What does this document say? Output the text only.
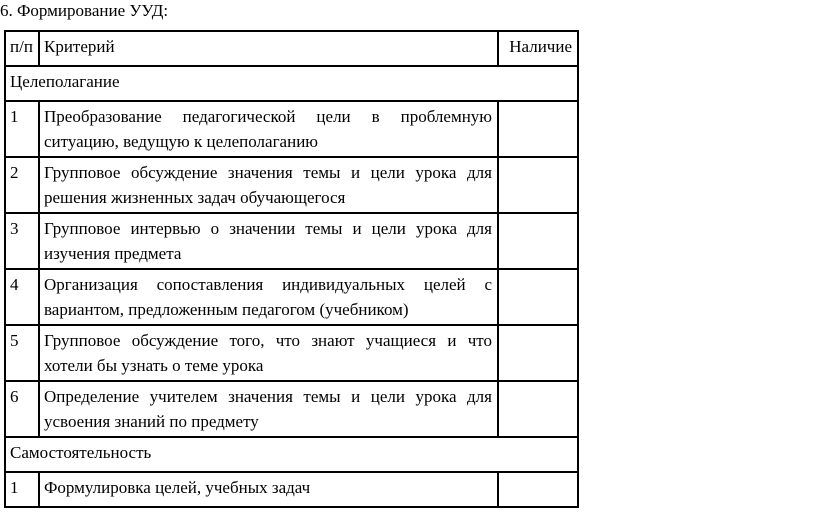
6. Формирование УУД:
п/п	Критерий	Наличие
Целеполагание		
1	Преобразование педагогической цели в проблемную ситуацию, ведущую к целеполаганию	
2	Групповое обсуждение значения темы и цели урока для решения жизненных задач обучающегося	
3	Групповое интервью о значении темы и цели урока для изучения предмета	
4	Организация сопоставления индивидуальных целей с вариантом, предложенным педагогом (учебником)	
5	Групповое обсуждение того, что знают учащиеся и что хотели бы узнать о теме урока	
6	Определение учителем значения темы и цели урока для усвоения знаний по предмету	
Самостоятельность		
1	Формулировка целей, учебных задач	
